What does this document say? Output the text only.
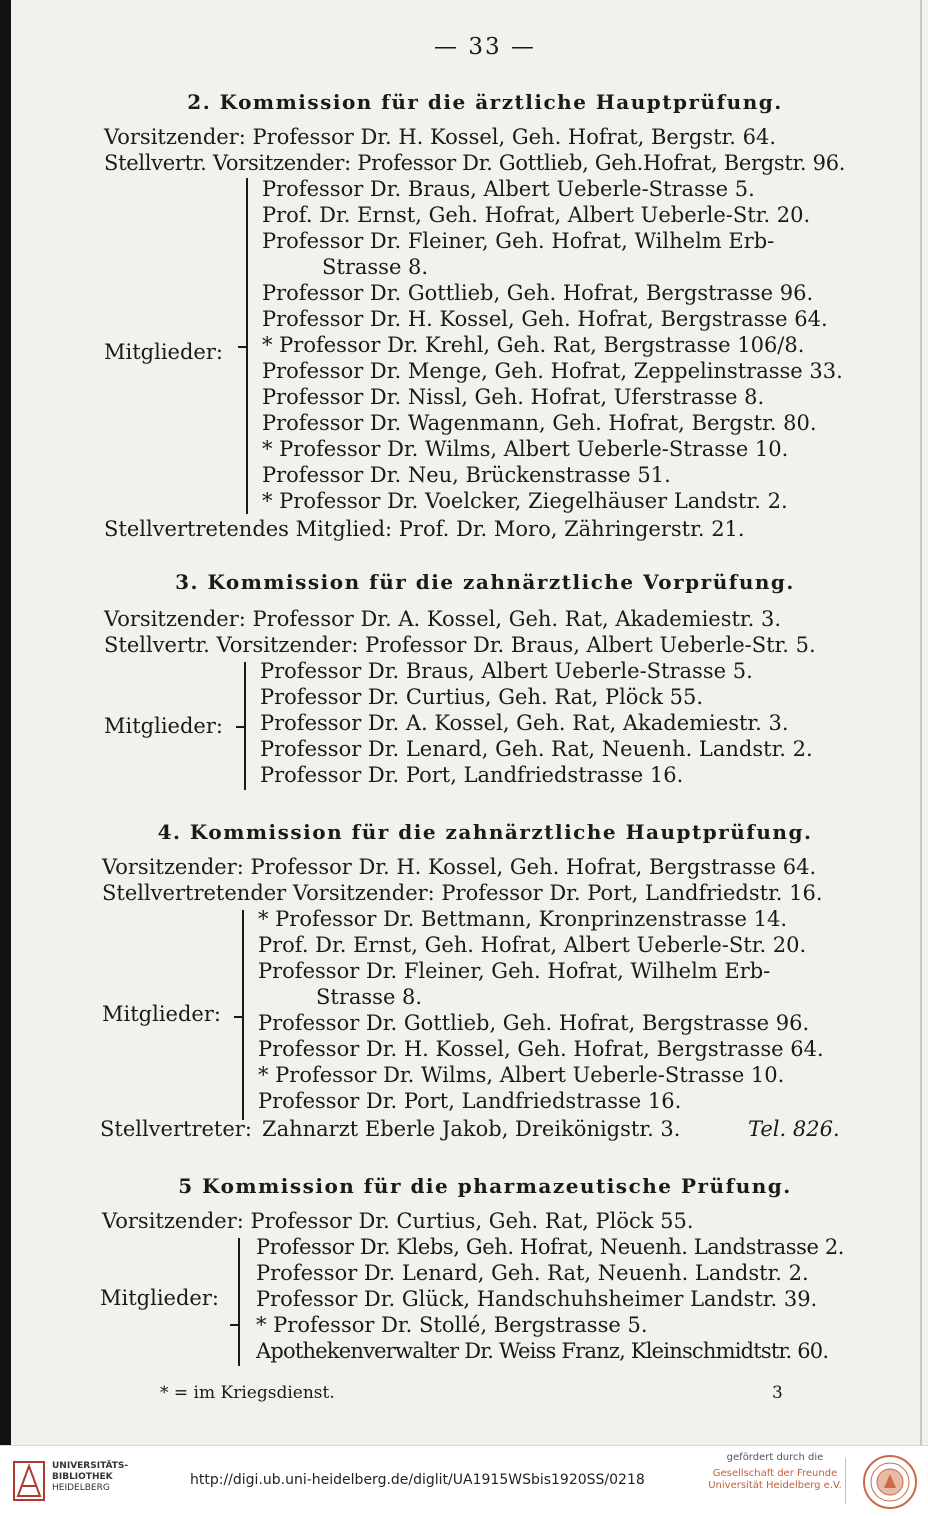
— 33 —
2. Kommission für die ärztliche Hauptprüfung.
Vorsitzender: Professor Dr. H. Kossel, Geh. Hofrat, Bergstr. 64.
Stellvertr. Vorsitzender: Professor Dr. Gottlieb, Geh.Hofrat, Bergstr. 96.
Mitglieder:
Professor Dr. Braus, Albert Ueberle-Strasse 5.
Prof. Dr. Ernst, Geh. Hofrat, Albert Ueberle-Str. 20.
Professor Dr. Fleiner, Geh. Hofrat, Wilhelm Erb-
Strasse 8.
Professor Dr. Gottlieb, Geh. Hofrat, Bergstrasse 96.
Professor Dr. H. Kossel, Geh. Hofrat, Bergstrasse 64.
* Professor Dr. Krehl, Geh. Rat, Bergstrasse 106/8.
Professor Dr. Menge, Geh. Hofrat, Zeppelinstrasse 33.
Professor Dr. Nissl, Geh. Hofrat, Uferstrasse 8.
Professor Dr. Wagenmann, Geh. Hofrat, Bergstr. 80.
* Professor Dr. Wilms, Albert Ueberle-Strasse 10.
Professor Dr. Neu, Brückenstrasse 51.
* Professor Dr. Voelcker, Ziegelhäuser Landstr. 2.
Stellvertretendes Mitglied: Prof. Dr. Moro, Zähringerstr. 21.
3. Kommission für die zahnärztliche Vorprüfung.
Vorsitzender: Professor Dr. A. Kossel, Geh. Rat, Akademiestr. 3.
Stellvertr. Vorsitzender: Professor Dr. Braus, Albert Ueberle-Str. 5.
Mitglieder:
Professor Dr. Braus, Albert Ueberle-Strasse 5.
Professor Dr. Curtius, Geh. Rat, Plöck 55.
Professor Dr. A. Kossel, Geh. Rat, Akademiestr. 3.
Professor Dr. Lenard, Geh. Rat, Neuenh. Landstr. 2.
Professor Dr. Port, Landfriedstrasse 16.
4. Kommission für die zahnärztliche Hauptprüfung.
Vorsitzender: Professor Dr. H. Kossel, Geh. Hofrat, Bergstrasse 64.
Stellvertretender Vorsitzender: Professor Dr. Port, Landfriedstr. 16.
Mitglieder:
* Professor Dr. Bettmann, Kronprinzenstrasse 14.
Prof. Dr. Ernst, Geh. Hofrat, Albert Ueberle-Str. 20.
Professor Dr. Fleiner, Geh. Hofrat, Wilhelm Erb-
Strasse 8.
Professor Dr. Gottlieb, Geh. Hofrat, Bergstrasse 96.
Professor Dr. H. Kossel, Geh. Hofrat, Bergstrasse 64.
* Professor Dr. Wilms, Albert Ueberle-Strasse 10.
Professor Dr. Port, Landfriedstrasse 16.
Stellvertreter: Zahnarzt Eberle Jakob, Dreikönigstr. 3.	Tel. 826.
5 Kommission für die pharmazeutische Prüfung.
Vorsitzender: Professor Dr. Curtius, Geh. Rat, Plöck 55.
Mitglieder:
Professor Dr. Klebs, Geh. Hofrat, Neuenh. Landstrasse 2.
Professor Dr. Lenard, Geh. Rat, Neuenh. Landstr. 2.
Professor Dr. Glück, Handschuhsheimer Landstr. 39.
* Professor Dr. Stollé, Bergstrasse 5.
Apothekenverwalter Dr. Weiss Franz, Kleinschmidtstr. 60.
* = im Kriegsdienst.	3
UNIVERSITÄTS-
BIBLIOTHEK
HEIDELBERG	http://digi.ub.uni-heidelberg.de/diglit/UA1915WSbis1920SS/0218
gefördert durch die
Gesellschaft der Freunde
Universität Heidelberg e.V.
